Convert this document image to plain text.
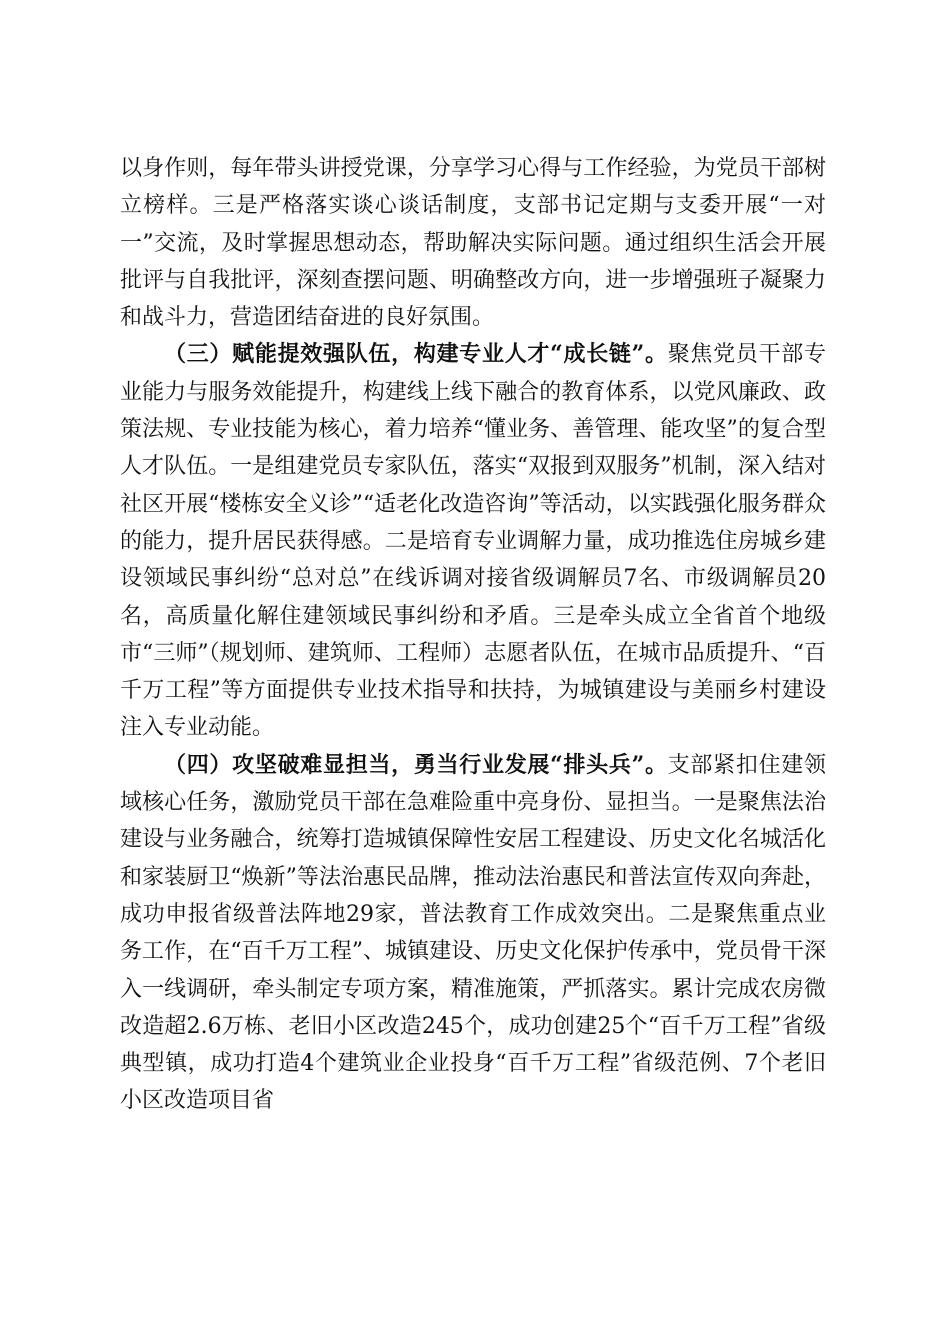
以身作则，每年带头讲授党课，分享学习心得与工作经验，为党员干部树立榜样。三是严格落实谈心谈话制度，支部书记定期与支委开展“一对一”交流，及时掌握思想动态，帮助解决实际问题。通过组织生活会开展批评与自我批评，深刻查摆问题、明确整改方向，进一步增强班子凝聚力和战斗力，营造团结奋进的良好氛围。

（三）赋能提效强队伍，构建专业人才“成长链”。聚焦党员干部专业能力与服务效能提升，构建线上线下融合的教育体系，以党风廉政、政策法规、专业技能为核心，着力培养“懂业务、善管理、能攻坚”的复合型人才队伍。一是组建党员专家队伍，落实“双报到双服务”机制，深入结对社区开展“楼栋安全义诊”“适老化改造咨询”等活动，以实践强化服务群众的能力，提升居民获得感。二是培育专业调解力量，成功推选住房城乡建设领域民事纠纷“总对总”在线诉调对接省级调解员7名、市级调解员20名，高质量化解住建领域民事纠纷和矛盾。三是牵头成立全省首个地级市“三师”（规划师、建筑师、工程师）志愿者队伍，在城市品质提升、“百千万工程”等方面提供专业技术指导和扶持，为城镇建设与美丽乡村建设注入专业动能。

（四）攻坚破难显担当，勇当行业发展“排头兵”。支部紧扣住建领域核心任务，激励党员干部在急难险重中亮身份、显担当。一是聚焦法治建设与业务融合，统筹打造城镇保障性安居工程建设、历史文化名城活化和家装厨卫“焕新”等法治惠民品牌，推动法治惠民和普法宣传双向奔赴，成功申报省级普法阵地29家，普法教育工作成效突出。二是聚焦重点业务工作，在“百千万工程”、城镇建设、历史文化保护传承中，党员骨干深入一线调研，牵头制定专项方案，精准施策，严抓落实。累计完成农房微改造超2.6万栋、老旧小区改造245个，成功创建25个“百千万工程”省级典型镇，成功打造4个建筑业企业投身“百千万工程”省级范例、7个老旧小区改造项目省
